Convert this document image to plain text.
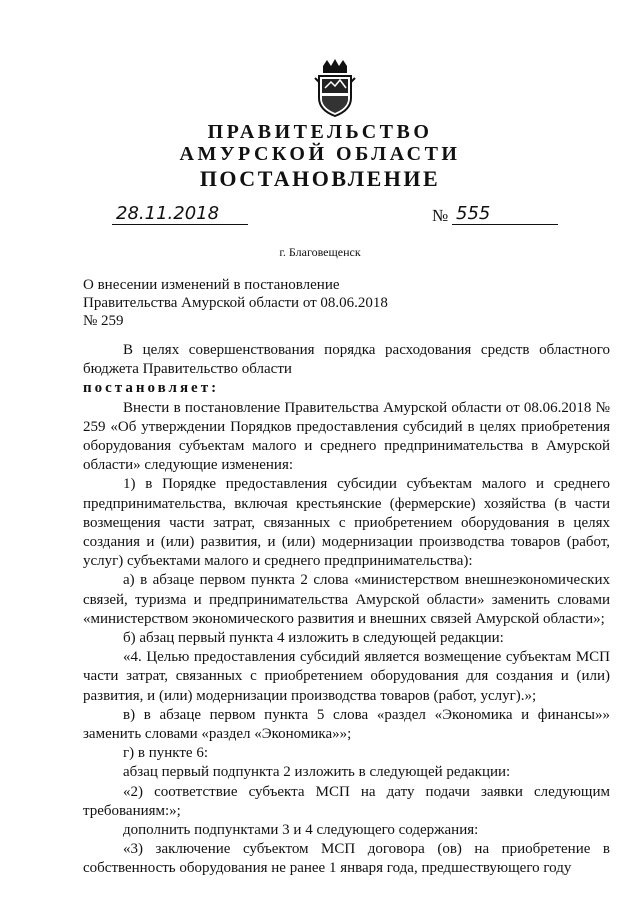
ПРАВИТЕЛЬСТВО
АМУРСКОЙ ОБЛАСТИ
ПОСТАНОВЛЕНИЕ
28.11.2018	№ 555
г. Благовещенск
О внесении изменений в постановление Правительства Амурской области от 08.06.2018 № 259

В целях совершенствования порядка расходования средств областного бюджета Правительство области

постановляет:

Внести в постановление Правительства Амурской области от 08.06.2018 № 259 «Об утверждении Порядков предоставления субсидий в целях приобретения оборудования субъектам малого и среднего предпринимательства в Амурской области» следующие изменения:

1) в Порядке предоставления субсидии субъектам малого и среднего предпринимательства, включая крестьянские (фермерские) хозяйства (в части возмещения части затрат, связанных с приобретением оборудования в целях создания и (или) развития, и (или) модернизации производства товаров (работ, услуг) субъектами малого и среднего предпринимательства):

а) в абзаце первом пункта 2 слова «министерством внешнеэкономических связей, туризма и предпринимательства Амурской области» заменить словами «министерством экономического развития и внешних связей Амурской области»;

б) абзац первый пункта 4 изложить в следующей редакции:

«4. Целью предоставления субсидий является возмещение субъектам МСП части затрат, связанных с приобретением оборудования для создания и (или) развития, и (или) модернизации производства товаров (работ, услуг).»;

в) в абзаце первом пункта 5 слова «раздел «Экономика и финансы»» заменить словами «раздел «Экономика»»;

г) в пункте 6:

абзац первый подпункта 2 изложить в следующей редакции:

«2) соответствие субъекта МСП на дату подачи заявки следующим требованиям:»;

дополнить подпунктами 3 и 4 следующего содержания:

«3) заключение субъектом МСП договора (ов) на приобретение в собственность оборудования не ранее 1 января года, предшествующего году
